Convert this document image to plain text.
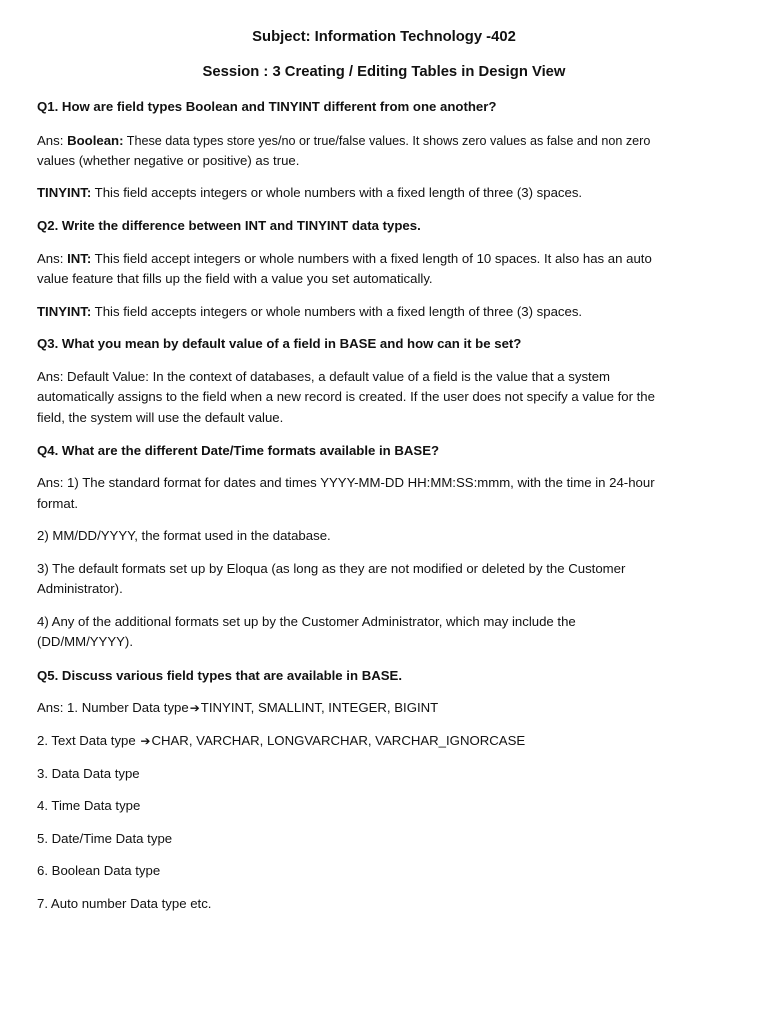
Subject: Information Technology -402
Session : 3 Creating / Editing Tables in Design View
Q1. How are field types Boolean and TINYINT different from one another?
Ans: Boolean: These data types store yes/no or true/false values. It shows zero values as false and non zero
values (whether negative or positive) as true.
TINYINT: This field accepts integers or whole numbers with a fixed length of three (3) spaces.
Q2. Write the difference between INT and TINYINT data types.
Ans: INT: This field accept integers or whole numbers with a fixed length of 10 spaces. It also has an auto
value feature that fills up the field with a value you set automatically.
TINYINT: This field accepts integers or whole numbers with a fixed length of three (3) spaces.
Q3. What you mean by default value of a field in BASE and how can it be set?
Ans: Default Value: In the context of databases, a default value of a field is the value that a system
automatically assigns to the field when a new record is created. If the user does not specify a value for the
field, the system will use the default value.
Q4. What are the different Date/Time formats available in BASE?
Ans: 1) The standard format for dates and times YYYY-MM-DD HH:MM:SS:mmm, with the time in 24-hour
format.
2) MM/DD/YYYY, the format used in the database.
3) The default formats set up by Eloqua (as long as they are not modified or deleted by the Customer
Administrator).
4) Any of the additional formats set up by the Customer Administrator, which may include the
(DD/MM/YYYY).
Q5. Discuss various field types that are available in BASE.
Ans: 1. Number Data type➔TINYINT, SMALLINT, INTEGER, BIGINT
2. Text Data type ➔CHAR, VARCHAR, LONGVARCHAR, VARCHAR_IGNORCASE
3. Data Data type
4. Time Data type
5. Date/Time Data type
6. Boolean Data type
7. Auto number Data type etc.
